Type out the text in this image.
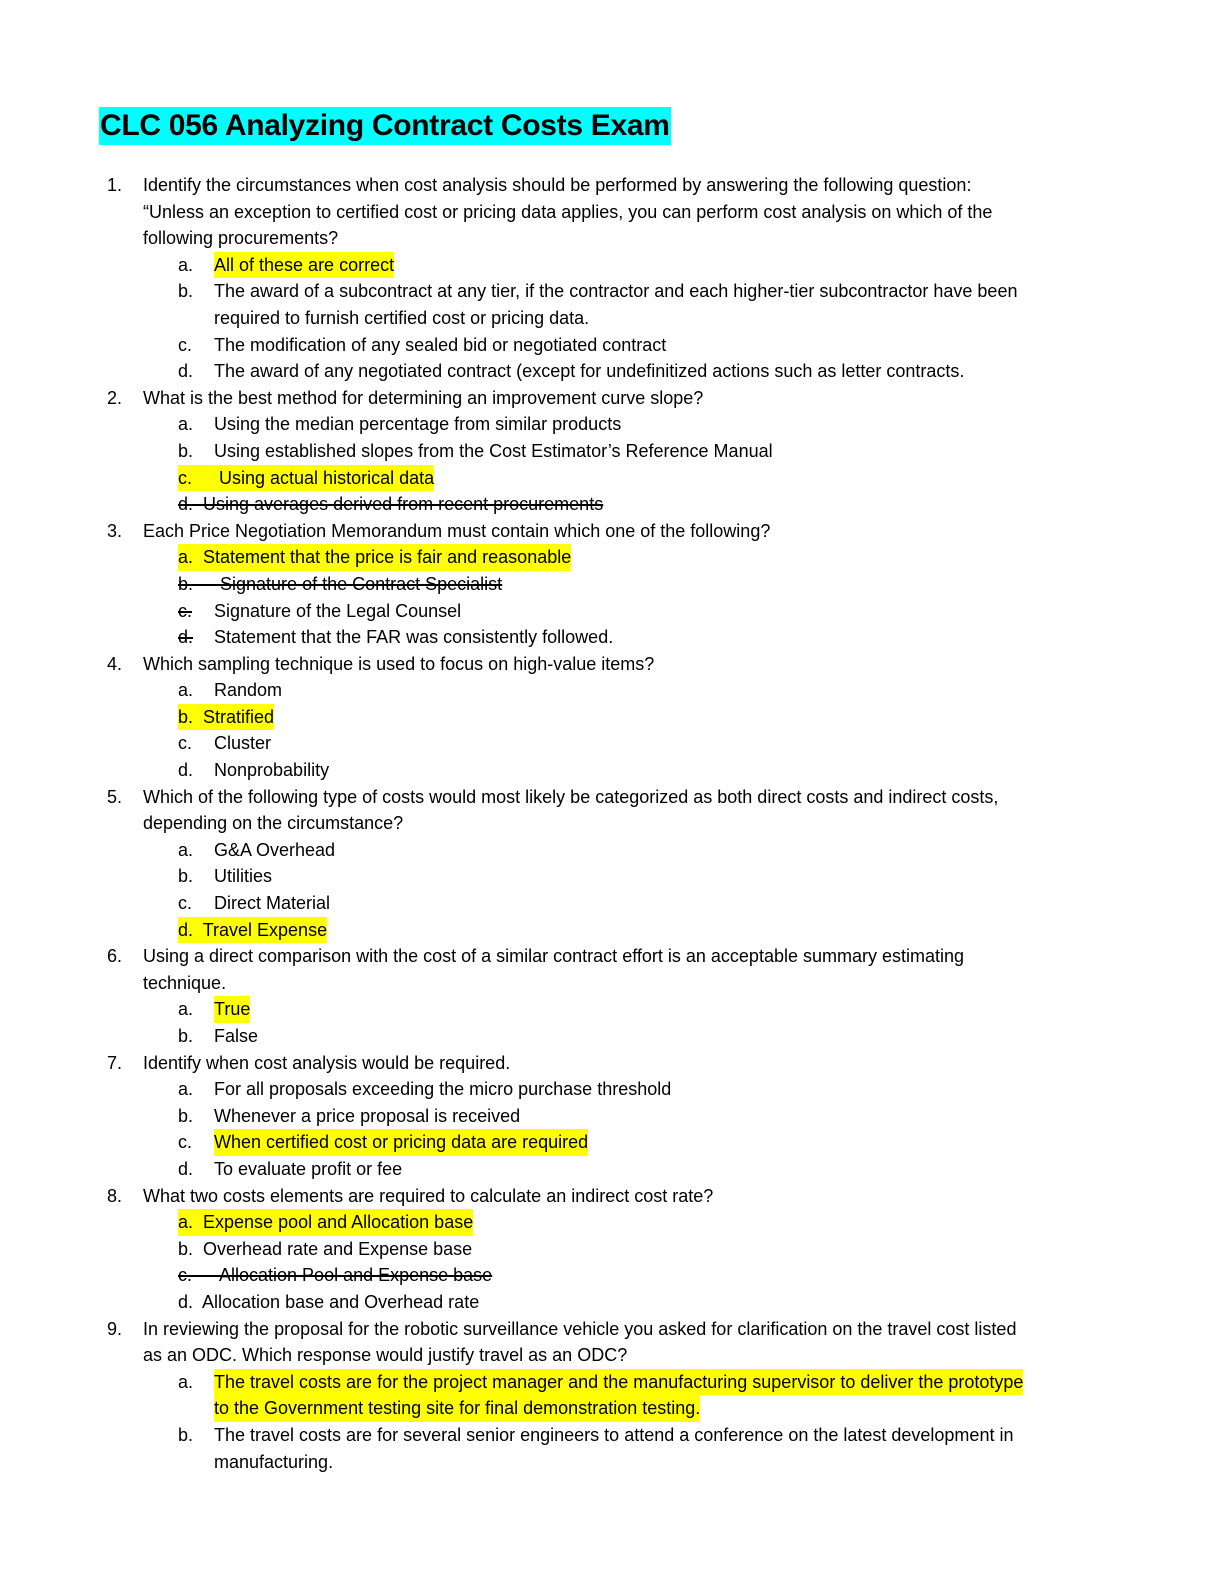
CLC 056 Analyzing Contract Costs Exam
1. Identify the circumstances when cost analysis should be performed by answering the following question:
“Unless an exception to certified cost or pricing data applies, you can perform cost analysis on which of the
following procurements?
a. All of these are correct
b. The award of a subcontract at any tier, if the contractor and each higher-tier subcontractor have been
required to furnish certified cost or pricing data.
c. The modification of any sealed bid or negotiated contract
d. The award of any negotiated contract (except for undefinitized actions such as letter contracts.
2. What is the best method for determining an improvement curve slope?
a. Using the median percentage from similar products
b. Using established slopes from the Cost Estimator’s Reference Manual
c.  Using actual historical data
d.  Using averages derived from recent procurements
3. Each Price Negotiation Memorandum must contain which one of the following?
a.  Statement that the price is fair and reasonable
b.  Signature of the Contract Specialist
c. Signature of the Legal Counsel
d. Statement that the FAR was consistently followed.
4. Which sampling technique is used to focus on high-value items?
a. Random
b.  Stratified
c. Cluster
d. Nonprobability
5. Which of the following type of costs would most likely be categorized as both direct costs and indirect costs,
depending on the circumstance?
a. G&A Overhead
b. Utilities
c. Direct Material
d.  Travel Expense
6. Using a direct comparison with the cost of a similar contract effort is an acceptable summary estimating
technique.
a. True
b. False
7. Identify when cost analysis would be required.
a. For all proposals exceeding the micro purchase threshold
b. Whenever a price proposal is received
c. When certified cost or pricing data are required
d. To evaluate profit or fee
8. What two costs elements are required to calculate an indirect cost rate?
a.  Expense pool and Allocation base
b.  Overhead rate and Expense base
c.  Allocation Pool and Expense base
d.  Allocation base and Overhead rate
9. In reviewing the proposal for the robotic surveillance vehicle you asked for clarification on the travel cost listed
as an ODC. Which response would justify travel as an ODC?
a. The travel costs are for the project manager and the manufacturing supervisor to deliver the prototype
to the Government testing site for final demonstration testing.
b. The travel costs are for several senior engineers to attend a conference on the latest development in
manufacturing.
